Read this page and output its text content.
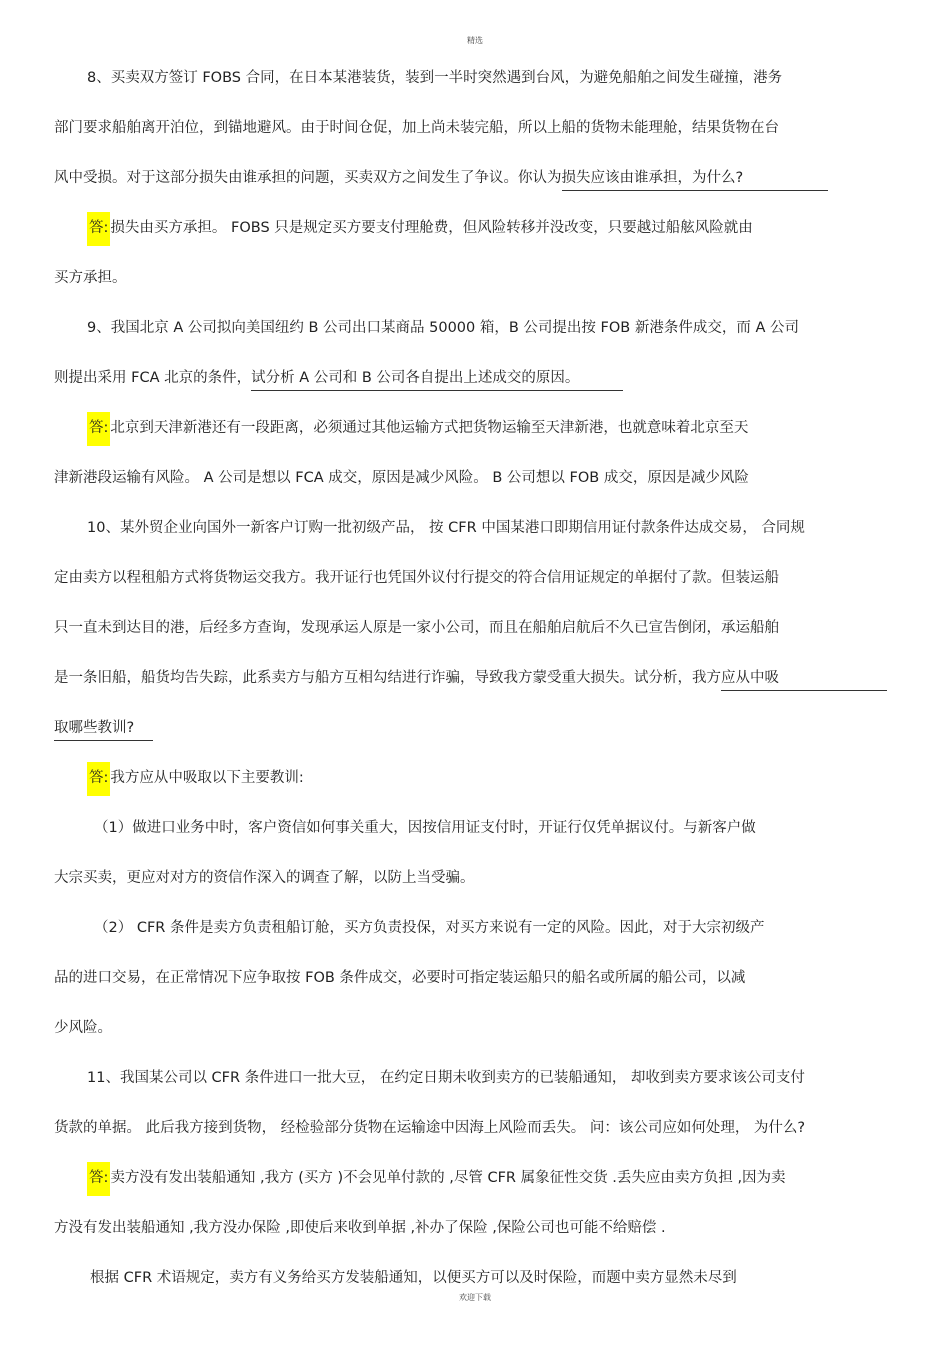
精选
8、买卖双方签订 FOBS 合同，在日本某港装货，装到一半时突然遇到台风，为避免船舶之间发生碰撞，港务
部门要求船舶离开泊位，到锚地避风。由于时间仓促，加上尚未装完船，所以上船的货物未能理舱，结果货物在台
风中受损。对于这部分损失由谁承担的问题，买卖双方之间发生了争议。你认为损失应该由谁承担，为什么?
答: 损失由买方承担。 FOBS 只是规定买方要支付理舱费，但风险转移并没改变，只要越过船舷风险就由
买方承担。
9、我国北京 A 公司拟向美国纽约 B 公司出口某商品 50000 箱，B 公司提出按 FOB 新港条件成交，而 A 公司
则提出采用 FCA 北京的条件，试分析 A 公司和 B 公司各自提出上述成交的原因。
答: 北京到天津新港还有一段距离，必须通过其他运输方式把货物运输至天津新港，也就意味着北京至天
津新港段运输有风险。 A 公司是想以 FCA 成交，原因是减少风险。 B 公司想以 FOB 成交，原因是减少风险
10、某外贸企业向国外一新客户订购一批初级产品， 按 CFR 中国某港口即期信用证付款条件达成交易， 合同规
定由卖方以程租船方式将货物运交我方。我开证行也凭国外议付行提交的符合信用证规定的单据付了款。但装运船
只一直未到达目的港，后经多方查询，发现承运人原是一家小公司，而且在船舶启航后不久已宣告倒闭，承运船舶
是一条旧船，船货均告失踪，此系卖方与船方互相勾结进行诈骗，导致我方蒙受重大损失。试分析，我方应从中吸
取哪些教训?
答: 我方应从中吸取以下主要教训:
（1）做进口业务中时，客户资信如何事关重大，因按信用证支付时，开证行仅凭单据议付。与新客户做
大宗买卖，更应对对方的资信作深入的调查了解，以防上当受骗。
（2） CFR 条件是卖方负责租船订舱，买方负责投保，对买方来说有一定的风险。因此，对于大宗初级产
品的进口交易，在正常情况下应争取按 FOB 条件成交，必要时可指定装运船只的船名或所属的船公司，以减
少风险。
11、我国某公司以 CFR 条件进口一批大豆， 在约定日期未收到卖方的已装船通知， 却收到卖方要求该公司支付
货款的单据。 此后我方接到货物， 经检验部分货物在运输途中因海上风险而丢失。 问：该公司应如何处理， 为什么?
答: 卖方没有发出装船通知 ,我方 (买方 )不会见单付款的 ,尽管 CFR 属象征性交货 .丢失应由卖方负担 ,因为卖
方没有发出装船通知 ,我方没办保险 ,即使后来收到单据 ,补办了保险 ,保险公司也可能不给赔偿 .
根据 CFR 术语规定，卖方有义务给买方发装船通知，以便买方可以及时保险，而题中卖方显然未尽到
欢迎下载
